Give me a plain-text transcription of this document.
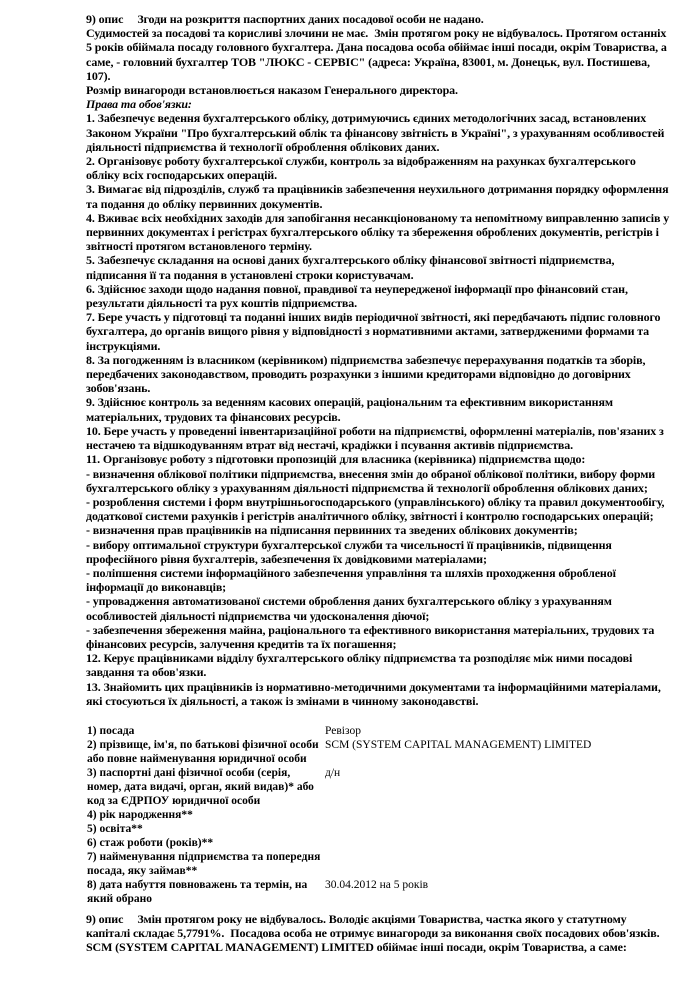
9) опис Згоди на розкриття паспортних даних посадової особи не надано.

Судимостей за посадові та корисливі злочини не має. Змін протягом року не відбувалось. Протягом останніх 5 років обіймала посаду головного бухгалтера. Дана посадова особа обіймає інші посади, окрім Товариства, а саме, - головний бухгалтер ТОВ "ЛЮКС - СЕРВІС" (адреса: Україна, 83001, м. Донецьк, вул. Постишева, 107).

Розмір винагороди встановлюється наказом Генерального директора.

Права та обов'язки:

1. Забезпечує ведення бухгалтерського обліку, дотримуючись єдиних методологічних засад, встановлених Законом України "Про бухгалтерський облік та фінансову звітність в Україні", з урахуванням особливостей діяльності підприємства й технології оброблення облікових даних.

2. Організовує роботу бухгалтерської служби, контроль за відображенням на рахунках бухгалтерського обліку всіх господарських операцій.

3. Вимагає від підрозділів, служб та працівників забезпечення неухильного дотримання порядку оформлення та подання до обліку первинних документів.

4. Вживає всіх необхідних заходів для запобігання несанкціонованому та непомітному виправленню записів у первинних документах і регістрах бухгалтерського обліку та збереження оброблених документів, регістрів і звітності протягом встановленого терміну.

5. Забезпечує складання на основі даних бухгалтерського обліку фінансової звітності підприємства, підписання її та подання в установлені строки користувачам.

6. Здійснює заходи щодо надання повної, правдивої та неупередженої інформації про фінансовий стан, результати діяльності та рух коштів підприємства.

7. Бере участь у підготовці та поданні інших видів періодичної звітності, які передбачають підпис головного бухгалтера, до органів вищого рівня у відповідності з нормативними актами, затвердженими формами та інструкціями.

8. За погодженням із власником (керівником) підприємства забезпечує перерахування податків та зборів, передбачених законодавством, проводить розрахунки з іншими кредиторами відповідно до договірних зобов'язань.

9. Здійснює контроль за веденням касових операцій, раціональним та ефективним використанням матеріальних, трудових та фінансових ресурсів.

10. Бере участь у проведенні інвентаризаційної роботи на підприємстві, оформленні матеріалів, пов'язаних з нестачею та відшкодуванням втрат від нестачі, крадіжки і псування активів підприємства.

11. Організовує роботу з підготовки пропозицій для власника (керівника) підприємства щодо:

- визначення облікової політики підприємства, внесення змін до обраної облікової політики, вибору форми бухгалтерського обліку з урахуванням діяльності підприємства й технології оброблення облікових даних;

- розроблення системи і форм внутрішньогосподарського (управлінського) обліку та правил документообігу, додаткової системи рахунків і регістрів аналітичного обліку, звітності і контролю господарських операцій;

- визначення прав працівників на підписання первинних та зведених облікових документів;

- вибору оптимальної структури бухгалтерської служби та чисельності її працівників, підвищення професійного рівня бухгалтерів, забезпечення їх довідковими матеріалами;

- поліпшення системи інформаційного забезпечення управління та шляхів проходження обробленої інформації до виконавців;

- упровадження автоматизованої системи оброблення даних бухгалтерського обліку з урахуванням особливостей діяльності підприємства чи удосконалення діючої;

- забезпечення збереження майна, раціонального та ефективного використання матеріальних, трудових та фінансових ресурсів, залучення кредитів та їх погашення;

12. Керує працівниками відділу бухгалтерського обліку підприємства та розподіляє між ними посадові завдання та обов'язки.

13. Знайомить цих працівників із нормативно-методичними документами та інформаційними матеріалами, які стосуються їх діяльності, а також із змінами в чинному законодавстві.

1) посада	Ревізор
2) прізвище, ім'я, по батькові фізичної особи або повне найменування юридичної особи
SCM (SYSTEM CAPITAL MANAGEMENT) LIMITED
3) паспортні дані фізичної особи (серія, номер, дата видачі, орган, який видав)* або код за ЄДРПОУ юридичної особи
д/н
4) рік народження**
5) освіта**
6) стаж роботи (років)**
7) найменування підприємства та попередня посада, яку займав**
8) дата набуття повноважень та термін, на який обрано
30.04.2012 на 5 років

9) опис Змін протягом року не відбувалось. Володіє акціями Товариства, частка якого у статутному капіталі складає 5,7791%. Посадова особа не отримує винагороди за виконання своїх посадових обов'язків.

SCM (SYSTEM CAPITAL MANAGEMENT) LIMITED обіймає інші посади, окрім Товариства, а саме:
